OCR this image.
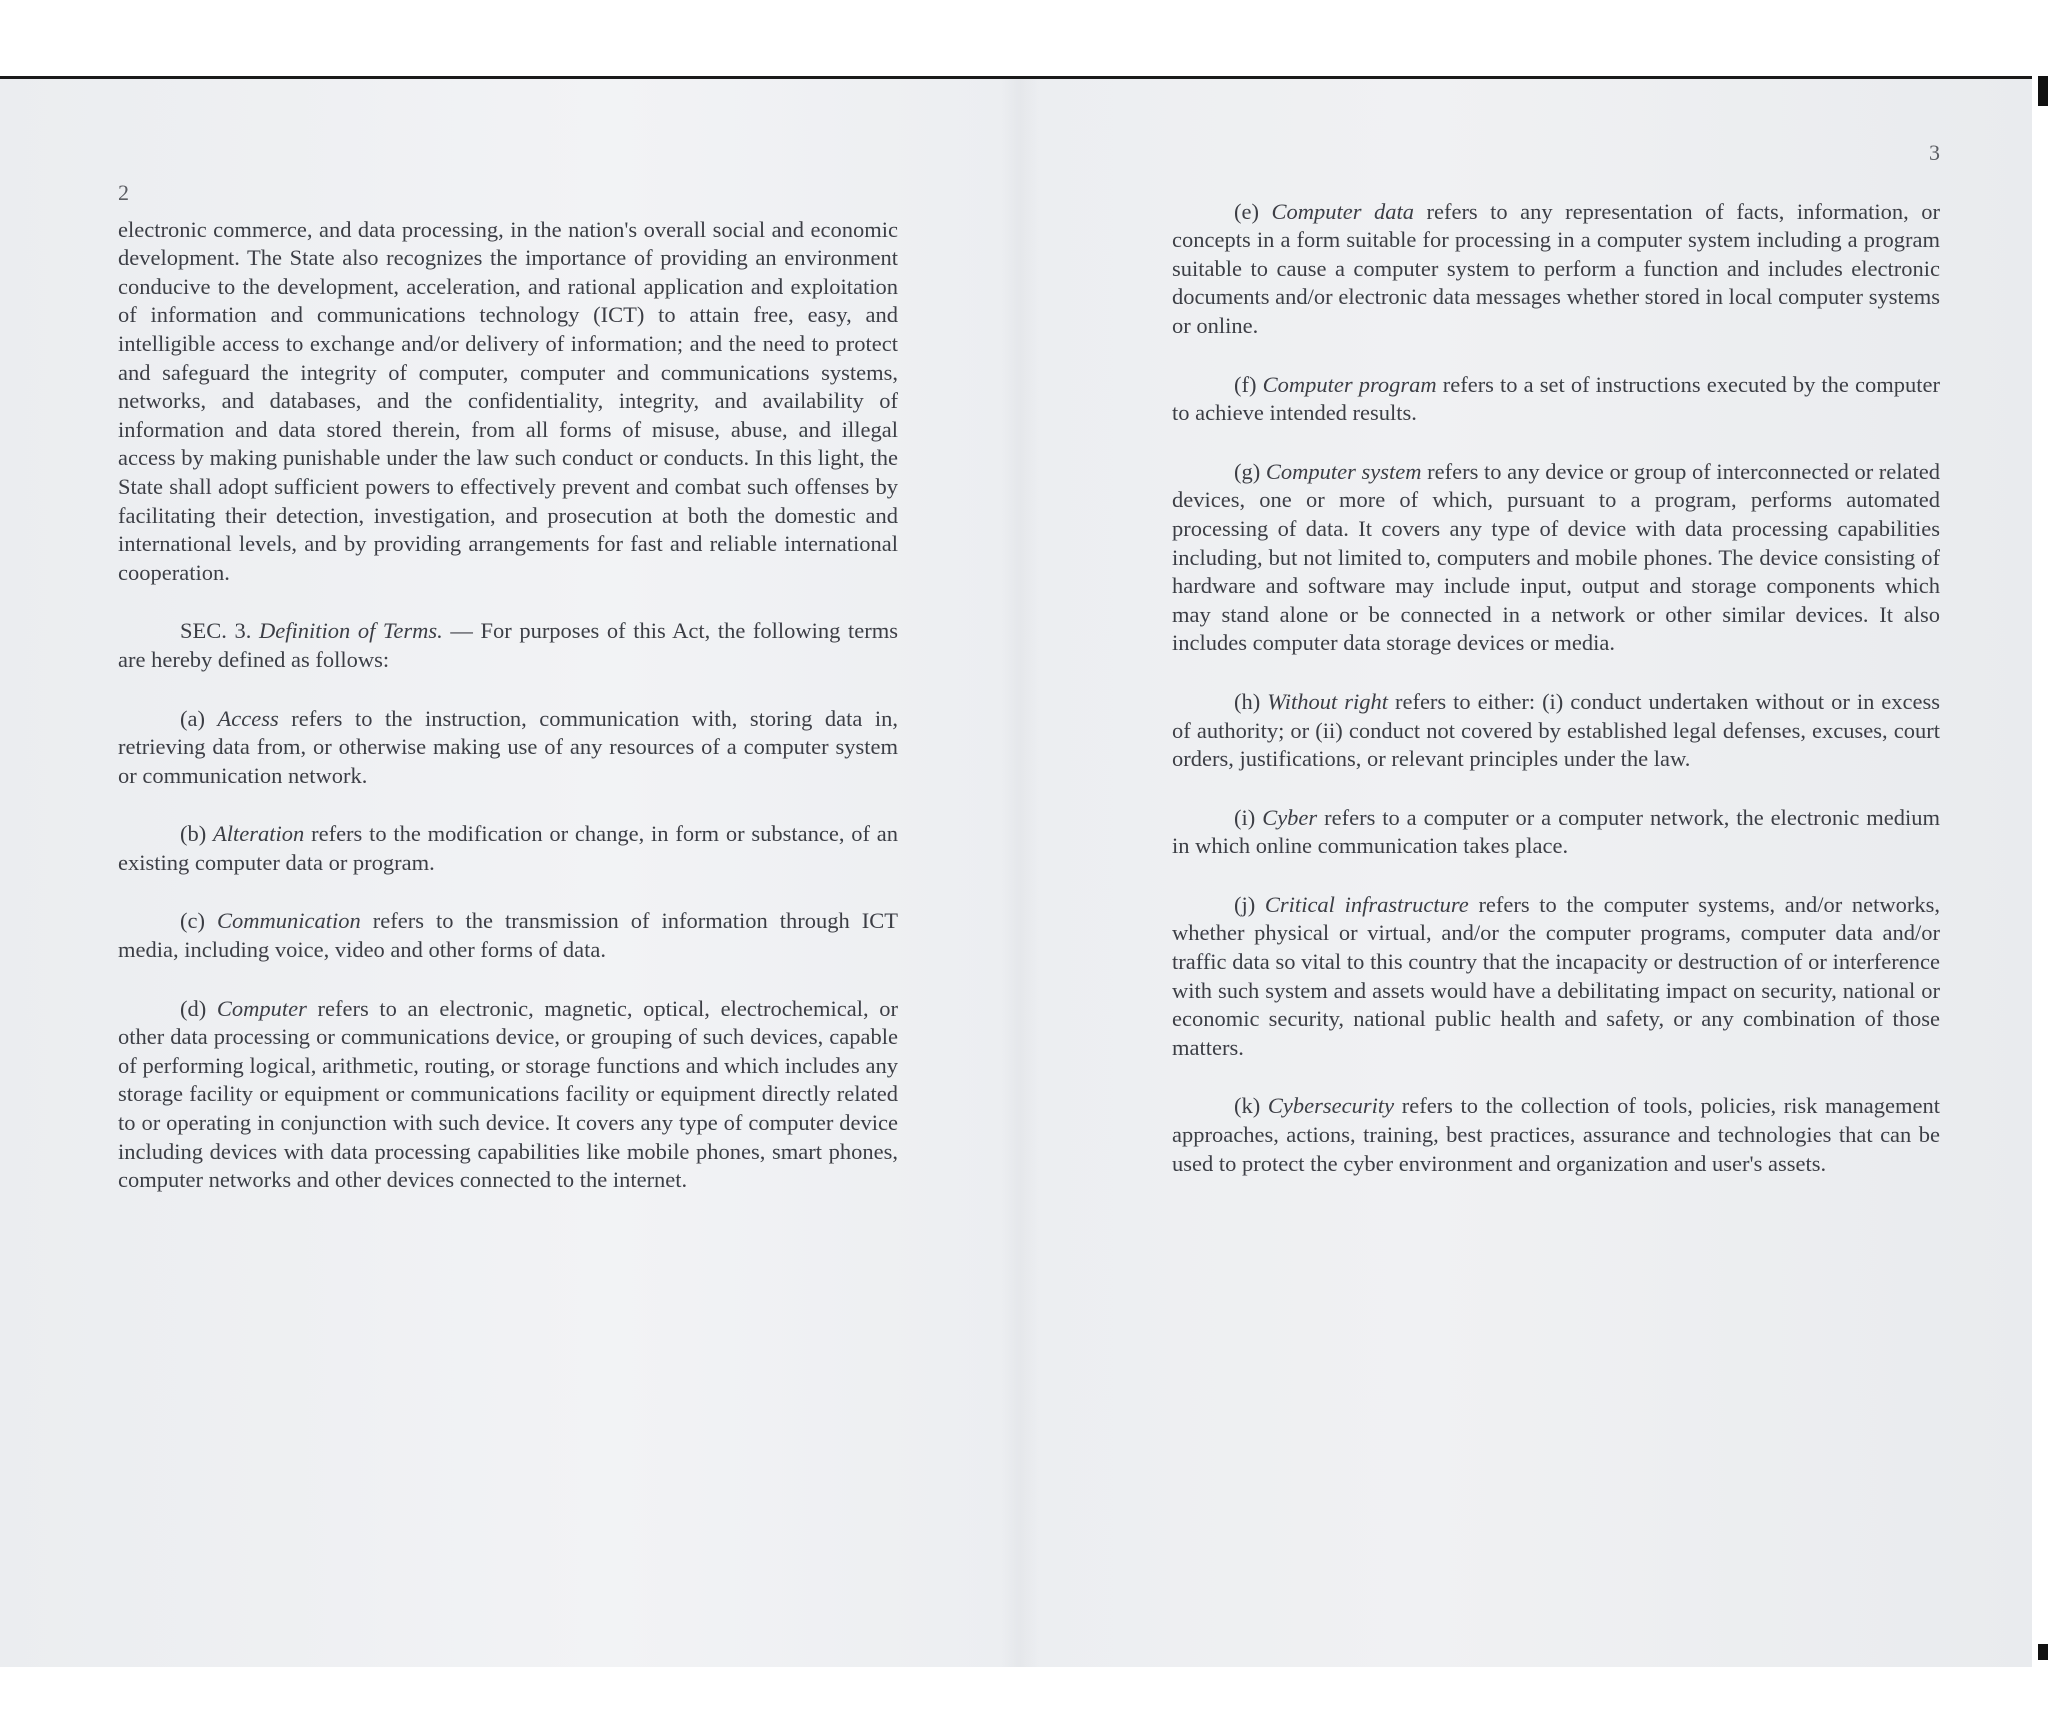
2

electronic commerce, and data processing, in the nation's overall social and economic development. The State also recognizes the importance of providing an environment conducive to the development, acceleration, and rational application and exploitation of information and communications technology (ICT) to attain free, easy, and intelligible access to exchange and/or delivery of information; and the need to protect and safeguard the integrity of computer, computer and communications systems, networks, and databases, and the confidentiality, integrity, and availability of information and data stored therein, from all forms of misuse, abuse, and illegal access by making punishable under the law such conduct or conducts. In this light, the State shall adopt sufficient powers to effectively prevent and combat such offenses by facilitating their detection, investigation, and prosecution at both the domestic and international levels, and by providing arrangements for fast and reliable international cooperation.

SEC. 3. Definition of Terms. — For purposes of this Act, the following terms are hereby defined as follows:

(a) Access refers to the instruction, communication with, storing data in, retrieving data from, or otherwise making use of any resources of a computer system or communication network.

(b) Alteration refers to the modification or change, in form or substance, of an existing computer data or program.

(c) Communication refers to the transmission of information through ICT media, including voice, video and other forms of data.

(d) Computer refers to an electronic, magnetic, optical, electrochemical, or other data processing or communications device, or grouping of such devices, capable of performing logical, arithmetic, routing, or storage functions and which includes any storage facility or equipment or communications facility or equipment directly related to or operating in conjunction with such device. It covers any type of computer device including devices with data processing capabilities like mobile phones, smart phones, computer networks and other devices connected to the internet.

3

(e) Computer data refers to any representation of facts, information, or concepts in a form suitable for processing in a computer system including a program suitable to cause a computer system to perform a function and includes electronic documents and/or electronic data messages whether stored in local computer systems or online.

(f) Computer program refers to a set of instructions executed by the computer to achieve intended results.

(g) Computer system refers to any device or group of interconnected or related devices, one or more of which, pursuant to a program, performs automated processing of data. It covers any type of device with data processing capabilities including, but not limited to, computers and mobile phones. The device consisting of hardware and software may include input, output and storage components which may stand alone or be connected in a network or other similar devices. It also includes computer data storage devices or media.

(h) Without right refers to either: (i) conduct undertaken without or in excess of authority; or (ii) conduct not covered by established legal defenses, excuses, court orders, justifications, or relevant principles under the law.

(i) Cyber refers to a computer or a computer network, the electronic medium in which online communication takes place.

(j) Critical infrastructure refers to the computer systems, and/or networks, whether physical or virtual, and/or the computer programs, computer data and/or traffic data so vital to this country that the incapacity or destruction of or interference with such system and assets would have a debilitating impact on security, national or economic security, national public health and safety, or any combination of those matters.

(k) Cybersecurity refers to the collection of tools, policies, risk management approaches, actions, training, best practices, assurance and technologies that can be used to protect the cyber environment and organization and user's assets.
